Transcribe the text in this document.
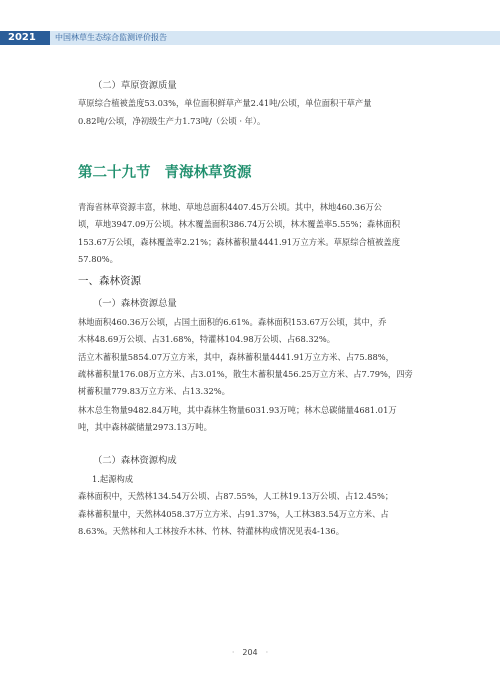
2021	中国林草生态综合监测评价报告
（二）草原资源质量
草原综合植被盖度53.03%，单位面积鲜草产量2.41吨/公顷，单位面积干草产量
0.82吨/公顷，净初级生产力1.73吨/（公顷 · 年）。
第二十九节 青海林草资源
青海省林草资源丰富，林地、草地总面积4407.45万公顷。其中，林地460.36万公
顷，草地3947.09万公顷。林木覆盖面积386.74万公顷，林木覆盖率5.55%；森林面积
153.67万公顷，森林覆盖率2.21%；森林蓄积量4441.91万立方米。草原综合植被盖度
57.80%。
一、森林资源
（一）森林资源总量
林地面积460.36万公顷，占国土面积的6.61%。森林面积153.67万公顷，其中，乔
木林48.69万公顷、占31.68%，特灌林104.98万公顷、占68.32%。
活立木蓄积量5854.07万立方米，其中，森林蓄积量4441.91万立方米、占75.88%，
疏林蓄积量176.08万立方米、占3.01%，散生木蓄积量456.25万立方米、占7.79%，四旁
树蓄积量779.83万立方米、占13.32%。
林木总生物量9482.84万吨，其中森林生物量6031.93万吨；林木总碳储量4681.01万
吨，其中森林碳储量2973.13万吨。
（二）森林资源构成
1.起源构成
森林面积中，天然林134.54万公顷、占87.55%，人工林19.13万公顷、占12.45%；
森林蓄积量中，天然林4058.37万立方米、占91.37%，人工林383.54万立方米、占
8.63%。天然林和人工林按乔木林、竹林、特灌林构成情况见表4-136。
· 204 ·
